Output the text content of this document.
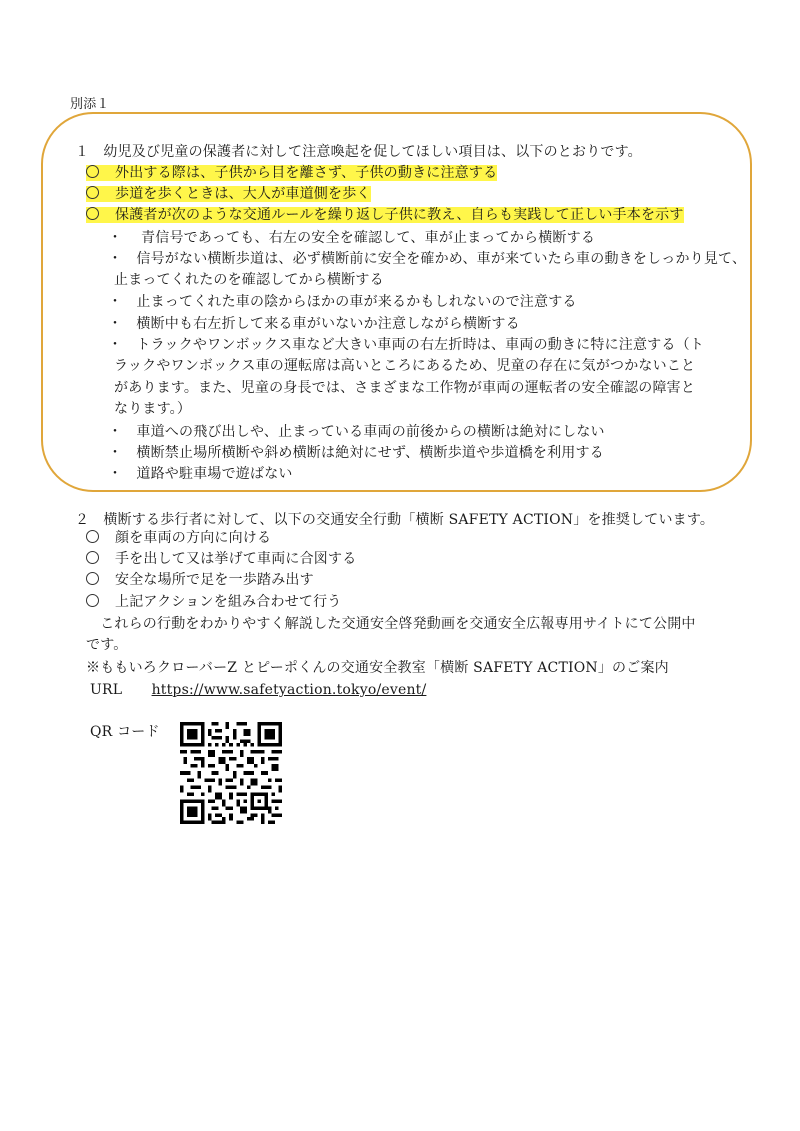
別添１
１　幼児及び児童の保護者に対して注意喚起を促してほしい項目は、以下のとおりです。
外出する際は、子供から目を離さず、子供の動きに注意する
歩道を歩くときは、大人が車道側を歩く
保護者が次のような交通ルールを繰り返し子供に教え、自らも実践して正しい手本を示す
・　 青信号であっても、右左の安全を確認して、車が止まってから横断する
・　信号がない横断歩道は、必ず横断前に安全を確かめ、車が来ていたら車の動きをしっかり見て、
止まってくれたのを確認してから横断する
・　止まってくれた車の陰からほかの車が来るかもしれないので注意する
・　横断中も右左折して来る車がいないか注意しながら横断する
・　トラックやワンボックス車など大きい車両の右左折時は、車両の動きに特に注意する（ト
ラックやワンボックス車の運転席は高いところにあるため、児童の存在に気がつかないこと
があります。また、児童の身長では、さまざまな工作物が車両の運転者の安全確認の障害と
なります。）
・　車道への飛び出しや、止まっている車両の前後からの横断は絶対にしない
・　横断禁止場所横断や斜め横断は絶対にせず、横断歩道や歩道橋を利用する
・　道路や駐車場で遊ばない
２　横断する歩行者に対して、以下の交通安全行動「横断 SAFETY ACTION」を推奨しています。
顔を車両の方向に向ける
手を出して又は挙げて車両に合図する
安全な場所で足を一歩踏み出す
上記アクションを組み合わせて行う
　これらの行動をわかりやすく解説した交通安全啓発動画を交通安全広報専用サイトにて公開中
です。
※ももいろクローバーZ とピーポくんの交通安全教室「横断 SAFETY ACTION」のご案内
URL https://www.safetyaction.tokyo/event/
QR コード
